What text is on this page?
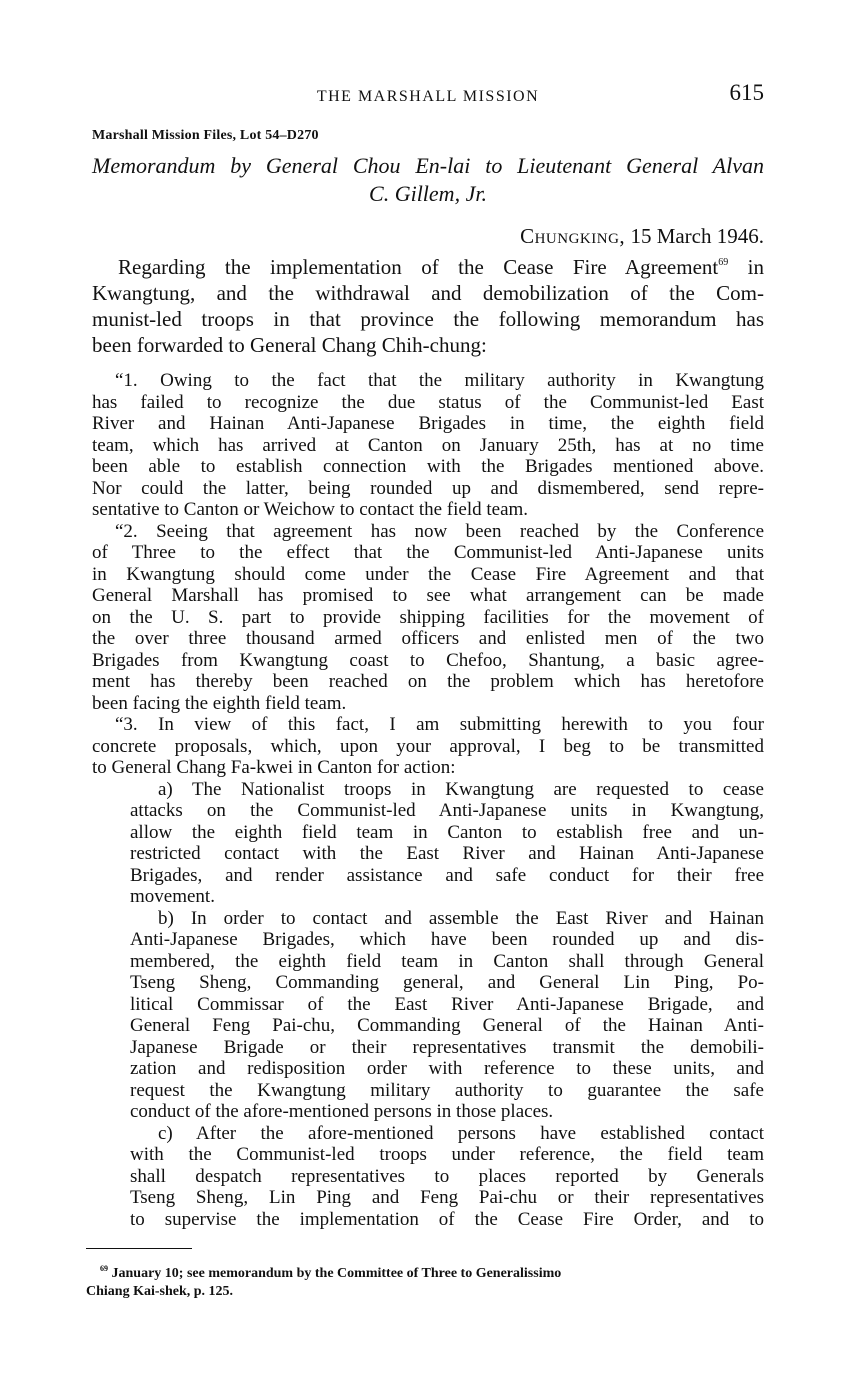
THE MARSHALL MISSION	615
Marshall Mission Files, Lot 54–D270
Memorandum by General Chou En-lai to Lieutenant General Alvan
C. Gillem, Jr.
Chungking, 15 March 1946.
Regarding the implementation of the Cease Fire Agreement$^{69}$ in
Kwangtung, and the withdrawal and demobilization of the Com-
munist-led troops in that province the following memorandum has
been forwarded to General Chang Chih-chung:
“1. Owing to the fact that the military authority in Kwangtung
has failed to recognize the due status of the Communist-led East
River and Hainan Anti-Japanese Brigades in time, the eighth field
team, which has arrived at Canton on January 25th, has at no time
been able to establish connection with the Brigades mentioned above.
Nor could the latter, being rounded up and dismembered, send repre-
sentative to Canton or Weichow to contact the field team.
“2. Seeing that agreement has now been reached by the Conference
of Three to the effect that the Communist-led Anti-Japanese units
in Kwangtung should come under the Cease Fire Agreement and that
General Marshall has promised to see what arrangement can be made
on the U. S. part to provide shipping facilities for the movement of
the over three thousand armed officers and enlisted men of the two
Brigades from Kwangtung coast to Chefoo, Shantung, a basic agree-
ment has thereby been reached on the problem which has heretofore
been facing the eighth field team.
“3. In view of this fact, I am submitting herewith to you four
concrete proposals, which, upon your approval, I beg to be transmitted
to General Chang Fa-kwei in Canton for action:
a) The Nationalist troops in Kwangtung are requested to cease
attacks on the Communist-led Anti-Japanese units in Kwangtung,
allow the eighth field team in Canton to establish free and un-
restricted contact with the East River and Hainan Anti-Japanese
Brigades, and render assistance and safe conduct for their free
movement.
b) In order to contact and assemble the East River and Hainan
Anti-Japanese Brigades, which have been rounded up and dis-
membered, the eighth field team in Canton shall through General
Tseng Sheng, Commanding general, and General Lin Ping, Po-
litical Commissar of the East River Anti-Japanese Brigade, and
General Feng Pai-chu, Commanding General of the Hainan Anti-
Japanese Brigade or their representatives transmit the demobili-
zation and redisposition order with reference to these units, and
request the Kwangtung military authority to guarantee the safe
conduct of the afore-mentioned persons in those places.
c) After the afore-mentioned persons have established contact
with the Communist-led troops under reference, the field team
shall despatch representatives to places reported by Generals
Tseng Sheng, Lin Ping and Feng Pai-chu or their representatives
to supervise the implementation of the Cease Fire Order, and to
$^{69}$ January 10; see memorandum by the Committee of Three to Generalissimo
Chiang Kai-shek, p. 125.
